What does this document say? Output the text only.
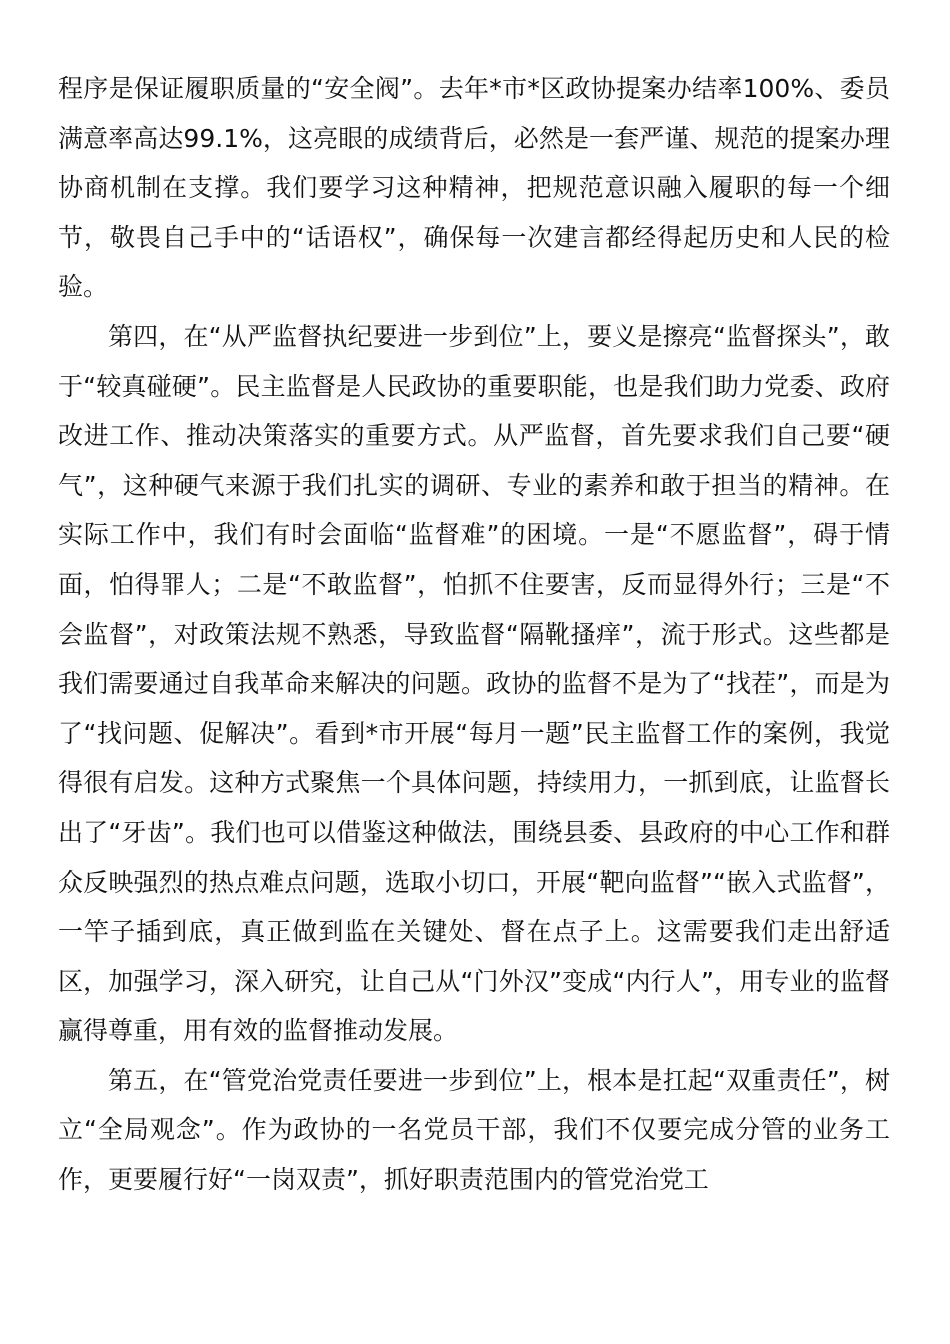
程序是保证履职质量的“安全阀”。去年*市*区政协提案办结率100%、委员满意率高达99.1%，这亮眼的成绩背后，必然是一套严谨、规范的提案办理协商机制在支撑。我们要学习这种精神，把规范意识融入履职的每一个细节，敬畏自己手中的“话语权”，确保每一次建言都经得起历史和人民的检验。

第四，在“从严监督执纪要进一步到位”上，要义是擦亮“监督探头”，敢于“较真碰硬”。民主监督是人民政协的重要职能，也是我们助力党委、政府改进工作、推动决策落实的重要方式。从严监督，首先要求我们自己要“硬气”，这种硬气来源于我们扎实的调研、专业的素养和敢于担当的精神。在实际工作中，我们有时会面临“监督难”的困境。一是“不愿监督”，碍于情面，怕得罪人；二是“不敢监督”，怕抓不住要害，反而显得外行；三是“不会监督”，对政策法规不熟悉，导致监督“隔靴搔痒”，流于形式。这些都是我们需要通过自我革命来解决的问题。政协的监督不是为了“找茬”，而是为了“找问题、促解决”。看到*市开展“每月一题”民主监督工作的案例，我觉得很有启发。这种方式聚焦一个具体问题，持续用力，一抓到底，让监督长出了“牙齿”。我们也可以借鉴这种做法，围绕县委、县政府的中心工作和群众反映强烈的热点难点问题，选取小切口，开展“靶向监督”“嵌入式监督”，一竿子插到底，真正做到监在关键处、督在点子上。这需要我们走出舒适区，加强学习，深入研究，让自己从“门外汉”变成“内行人”，用专业的监督赢得尊重，用有效的监督推动发展。

第五，在“管党治党责任要进一步到位”上，根本是扛起“双重责任”，树立“全局观念”。作为政协的一名党员干部，我们不仅要完成分管的业务工作，更要履行好“一岗双责”，抓好职责范围内的管党治党工
